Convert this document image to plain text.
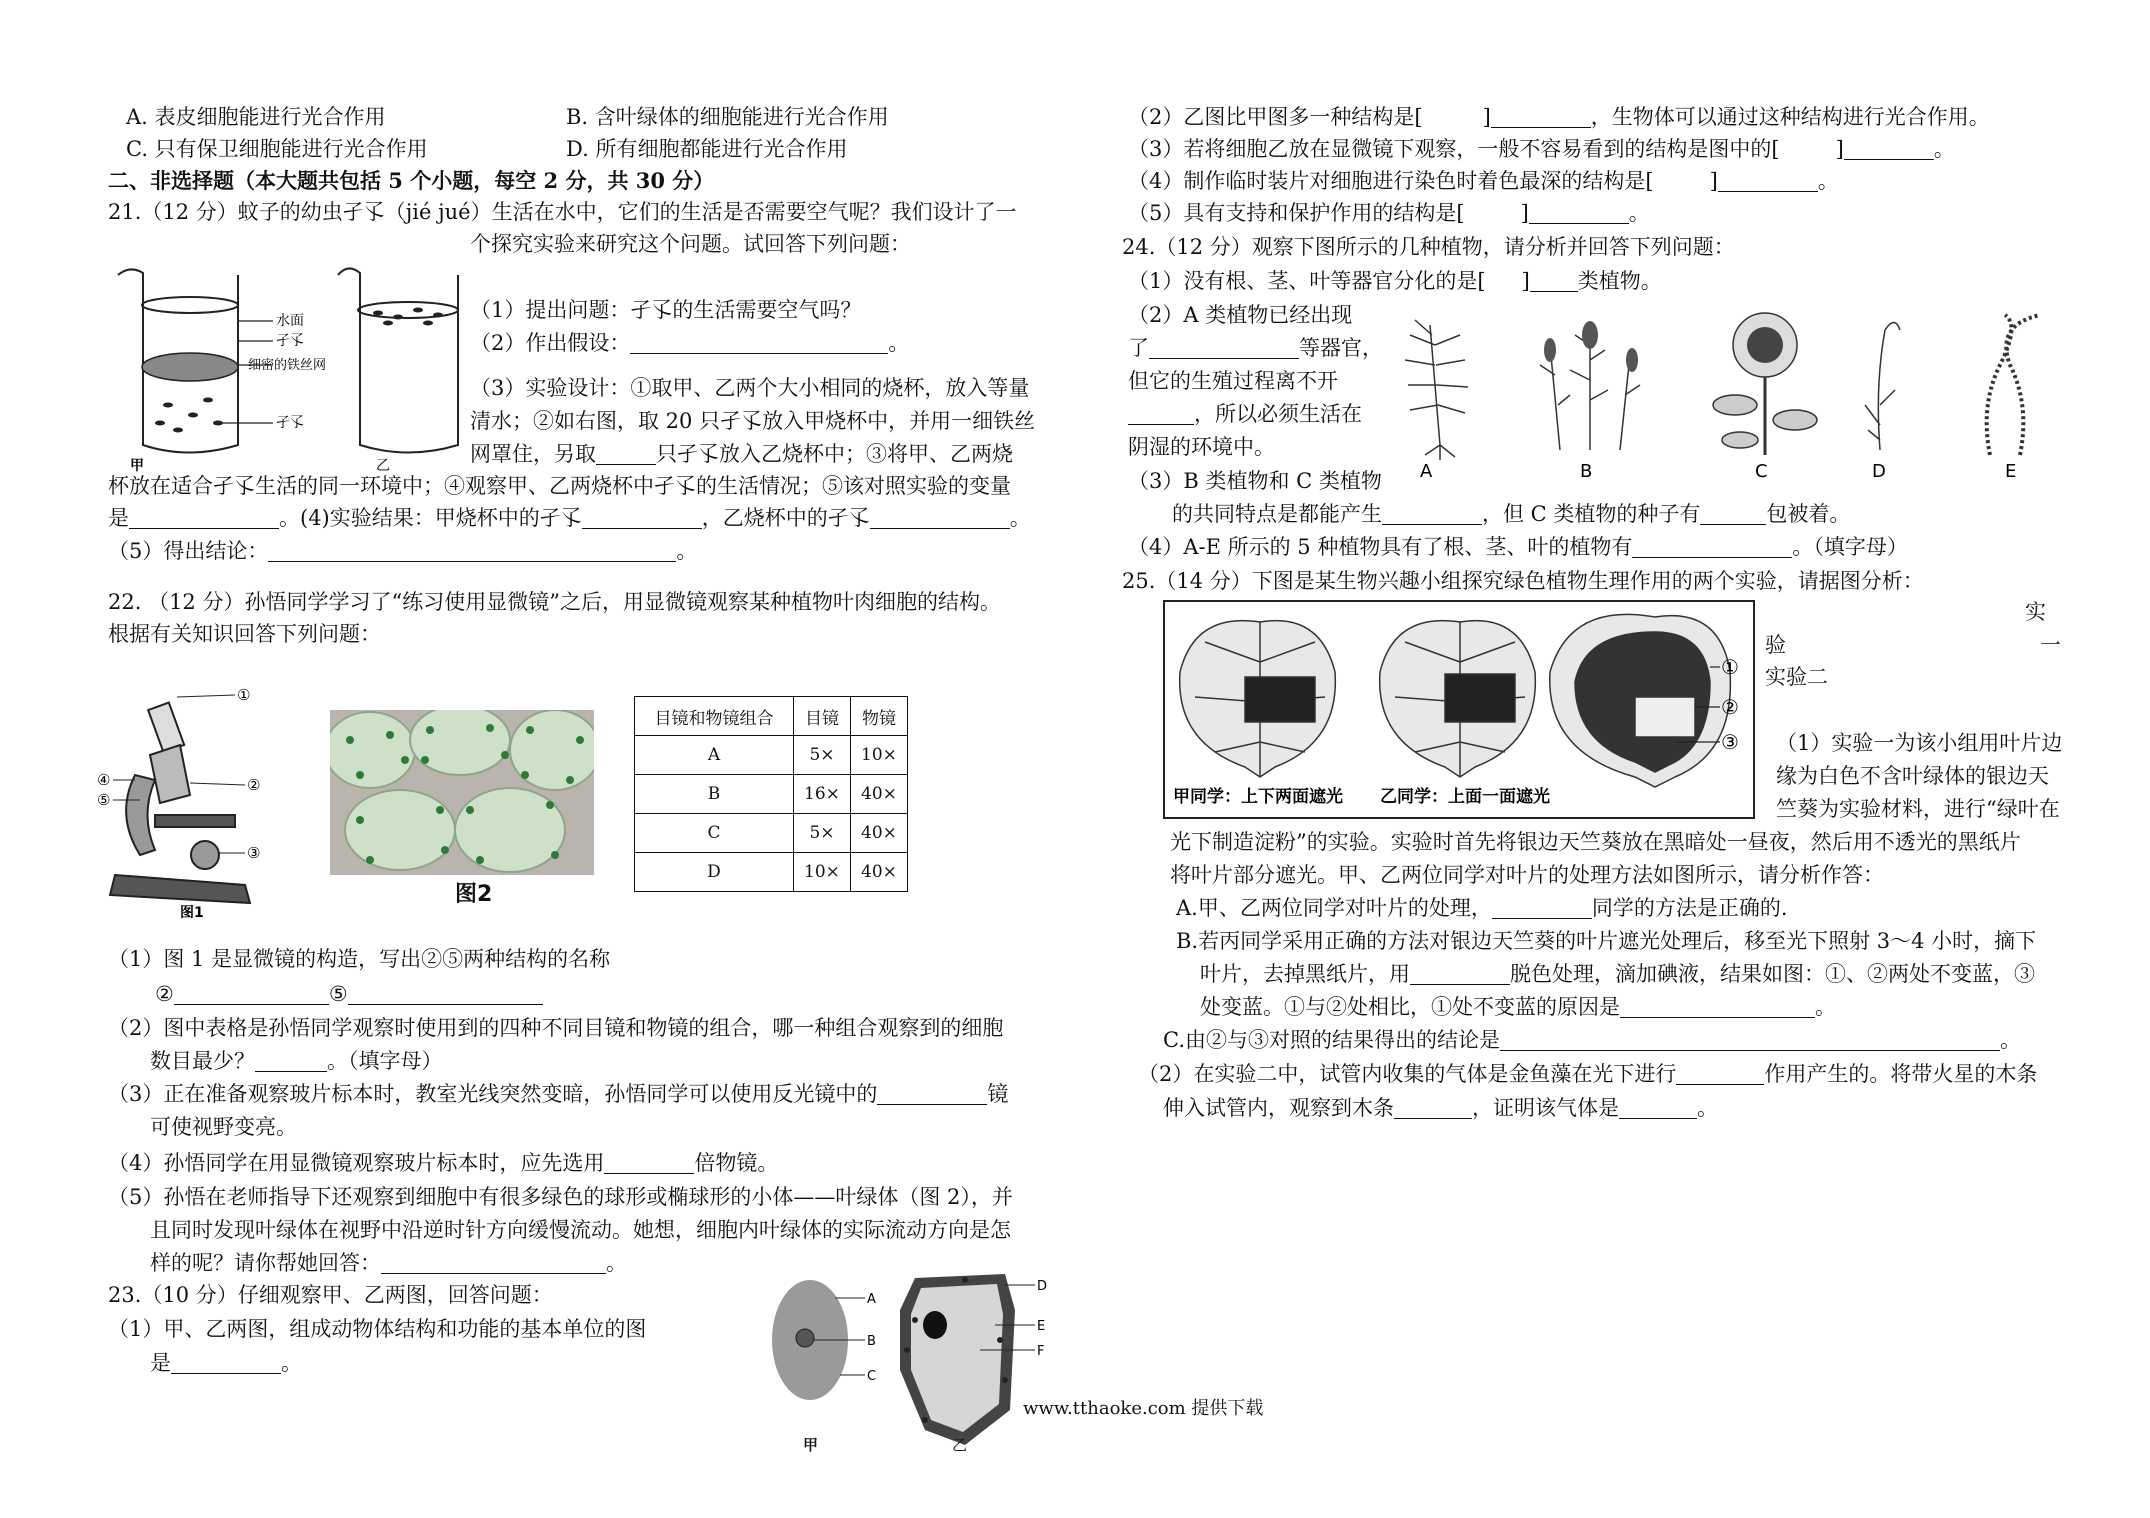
A. 表皮细胞能进行光合作用	B. 含叶绿体的细胞能进行光合作用
C. 只有保卫细胞能进行光合作用	D. 所有细胞都能进行光合作用
二、非选择题（本大题共包括 5 个小题，每空 2 分，共 30 分）
21.（12 分）蚊子的幼虫孑孓（jié jué）生活在水中，它们的生活是否需要空气呢？我们设计了一
个探究实验来研究这个问题。试回答下列问题：
水面
孑孓
细密的铁丝网
孑孓
甲	乙
（1）提出问题：孑孓的生活需要空气吗？
（2）作出假设：	。
（3）实验设计：①取甲、乙两个大小相同的烧杯，放入等量
清水；②如右图，取 20 只孑孓放入甲烧杯中，并用一细铁丝
网罩住，另取	只孑孓放入乙烧杯中；③将甲、乙两烧
杯放在适合孑孓生活的同一环境中；④观察甲、乙两烧杯中孑孓的生活情况；⑤该对照实验的变量
是	。(4)实验结果：甲烧杯中的孑孓	，乙烧杯中的孑孓	。
（5）得出结论：	。
22. （12 分）孙悟同学学习了“练习使用显微镜”之后，用显微镜观察某种植物叶肉细胞的结构。
根据有关知识回答下列问题：
①
②
③
④
⑤
图1
图2
目镜和物镜组合	目镜	物镜
A	5×	10×
B	16×	40×
C	5×	40×
D	10×	40×
（1）图 1 是显微镜的构造，写出②⑤两种结构的名称
②	⑤
（2）图中表格是孙悟同学观察时使用到的四种不同目镜和物镜的组合，哪一种组合观察到的细胞
数目最少？	。（填字母）
（3）正在准备观察玻片标本时，教室光线突然变暗，孙悟同学可以使用反光镜中的	镜
可使视野变亮。
（4）孙悟同学在用显微镜观察玻片标本时，应先选用	倍物镜。
（5）孙悟在老师指导下还观察到细胞中有很多绿色的球形或椭球形的小体——叶绿体（图 2），并
且同时发现叶绿体在视野中沿逆时针方向缓慢流动。她想，细胞内叶绿体的实际流动方向是怎
样的呢？请你帮她回答：	。
23.（10 分）仔细观察甲、乙两图，回答问题：
（1）甲、乙两图，组成动物体结构和功能的基本单位的图
是	。
A
B
C
D
E
F
甲	乙
（2）乙图比甲图多一种结构是[	]	，生物体可以通过这种结构进行光合作用。
（3）若将细胞乙放在显微镜下观察，一般不容易看到的结构是图中的[	]	。
（4）制作临时装片对细胞进行染色时着色最深的结构是[	]	。
（5）具有支持和保护作用的结构是[	]	。
24.（12 分）观察下图所示的几种植物，请分析并回答下列问题：
（1）没有根、茎、叶等器官分化的是[ ] 类植物。
（2）A 类植物已经出现
了	等器官，
但它的生殖过程离不开
，所以必须生活在
阴湿的环境中。
（3）B 类植物和 C 类植物
的共同特点是都能产生	，但 C 类植物的种子有	包被着。
（4）A-E 所示的 5 种植物具有了根、茎、叶的植物有	。（填字母）
A	B	C	D	E
25.（14 分）下图是某生物兴趣小组探究绿色植物生理作用的两个实验，请据图分析：
实
验	一
实验二
①
②
③
甲同学：上下两面遮光 乙同学：上面一面遮光
（1）实验一为该小组用叶片边
缘为白色不含叶绿体的银边天
竺葵为实验材料，进行“绿叶在
光下制造淀粉”的实验。实验时首先将银边天竺葵放在黑暗处一昼夜，然后用不透光的黑纸片
将叶片部分遮光。甲、乙两位同学对叶片的处理方法如图所示，请分析作答：
A.甲、乙两位同学对叶片的处理，	同学的方法是正确的.
B.若丙同学采用正确的方法对银边天竺葵的叶片遮光处理后，移至光下照射 3～4 小时，摘下
叶片，去掉黑纸片，用	脱色处理，滴加碘液，结果如图：①、②两处不变蓝，③
处变蓝。①与②处相比，①处不变蓝的原因是	。
C.由②与③对照的结果得出的结论是	。
（2）在实验二中，试管内收集的气体是金鱼藻在光下进行	作用产生的。将带火星的木条
伸入试管内，观察到木条	，证明该气体是	。
www.tthaoke.com 提供下载
